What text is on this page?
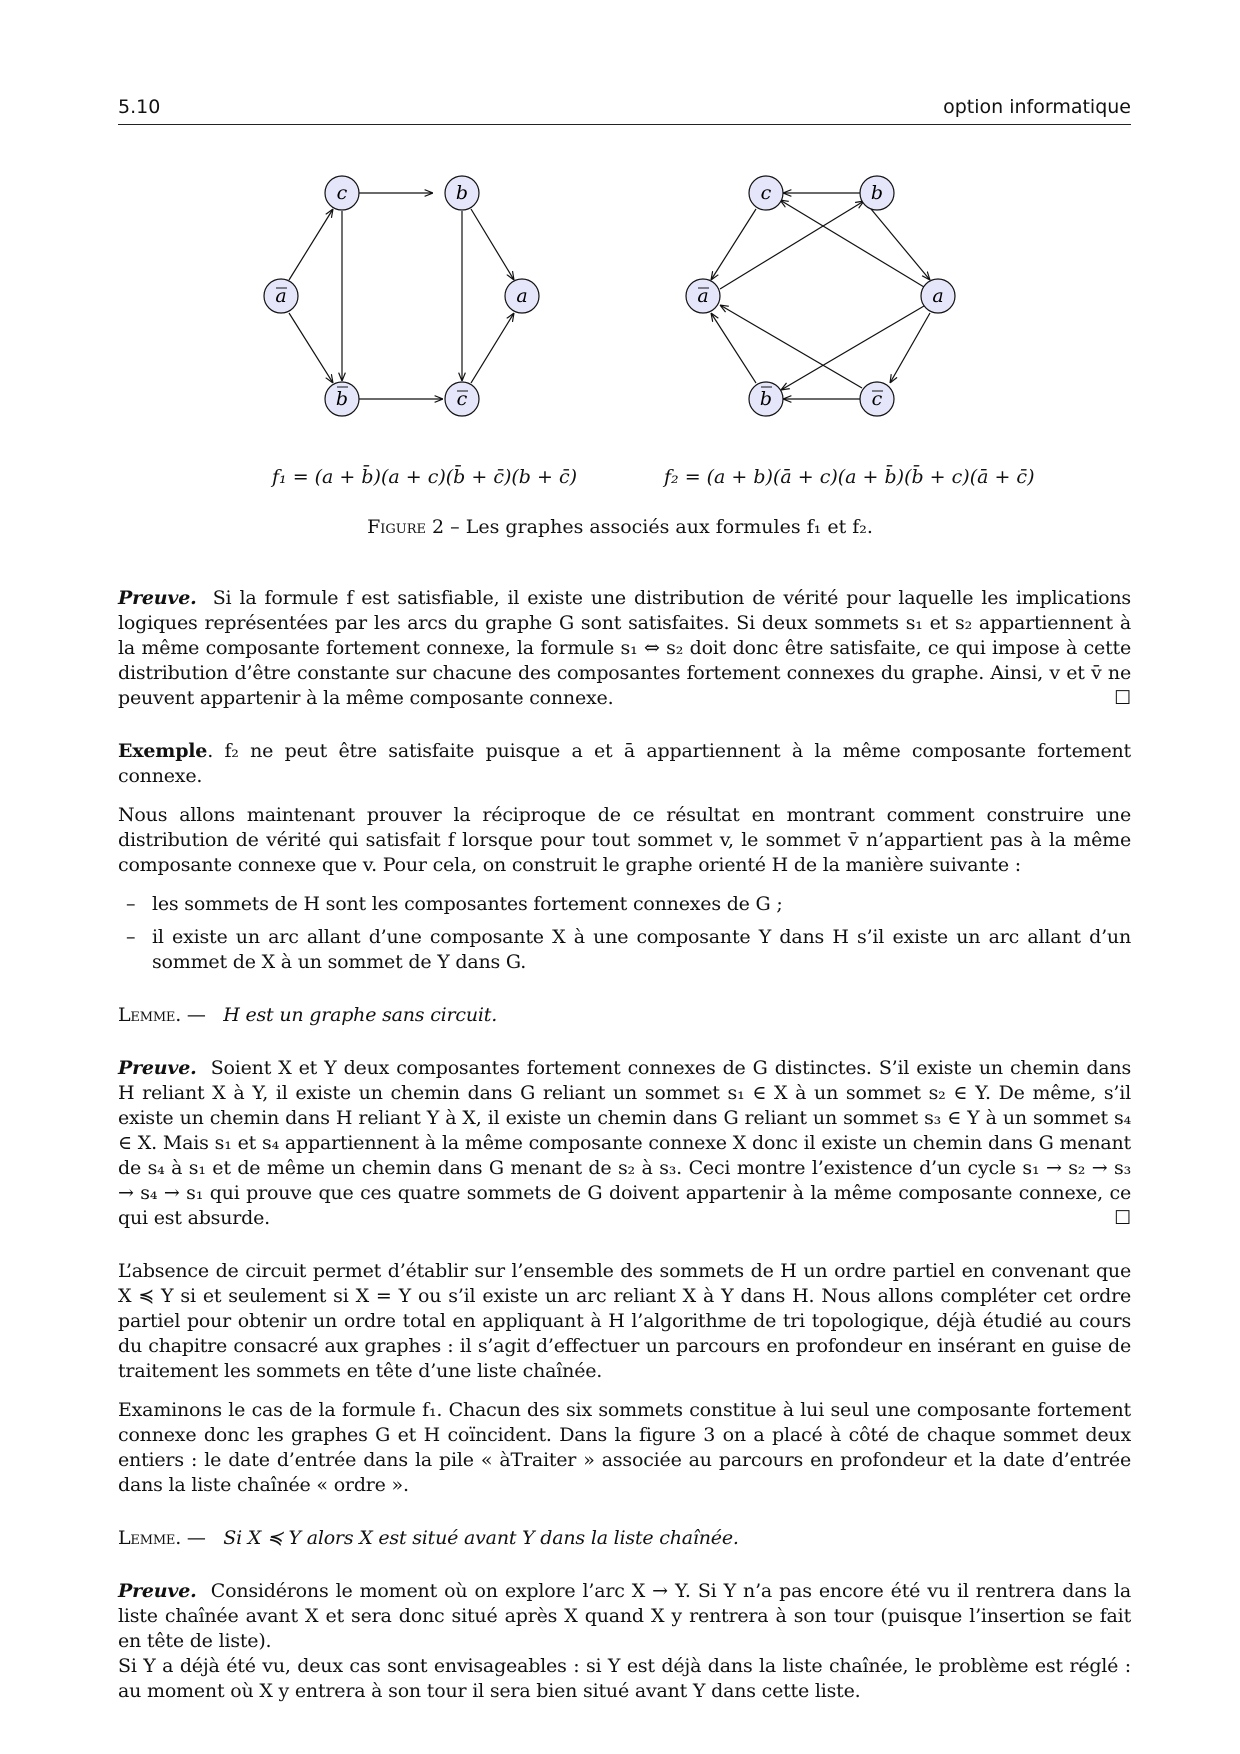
5.10	option informatique
c	b
a	a
b	c
c	b
a	a
b	c
f₁ = (a + b̄)(a + c)(b̄ + c̄)(b + c̄)	f₂ = (a + b)(ā + c)(a + b̄)(b̄ + c)(ā + c̄)
Figure 2 – Les graphes associés aux formules f₁ et f₂.

Preuve. Si la formule f est satisfiable, il existe une distribution de vérité pour laquelle les implications logiques représentées par les arcs du graphe G sont satisfaites. Si deux sommets s₁ et s₂ appartiennent à la même composante fortement connexe, la formule s₁ ⇔ s₂ doit donc être satisfaite, ce qui impose à cette distribution d’être constante sur chacune des composantes fortement connexes du graphe. Ainsi, v et v̄ ne peuvent appartenir à la même composante connexe.	☐

Exemple. f₂ ne peut être satisfaite puisque a et ā appartiennent à la même composante fortement connexe.

Nous allons maintenant prouver la réciproque de ce résultat en montrant comment construire une distribution de vérité qui satisfait f lorsque pour tout sommet v, le sommet v̄ n’appartient pas à la même composante connexe que v. Pour cela, on construit le graphe orienté H de la manière suivante :

– les sommets de H sont les composantes fortement connexes de G ;
– il existe un arc allant d’une composante X à une composante Y dans H s’il existe un arc allant d’un sommet de X à un sommet de Y dans G.

Lemme. — H est un graphe sans circuit.

Preuve. Soient X et Y deux composantes fortement connexes de G distinctes. S’il existe un chemin dans H reliant X à Y, il existe un chemin dans G reliant un sommet s₁ ∈ X à un sommet s₂ ∈ Y. De même, s’il existe un chemin dans H reliant Y à X, il existe un chemin dans G reliant un sommet s₃ ∈ Y à un sommet s₄ ∈ X. Mais s₁ et s₄ appartiennent à la même composante connexe X donc il existe un chemin dans G menant de s₄ à s₁ et de même un chemin dans G menant de s₂ à s₃. Ceci montre l’existence d’un cycle s₁ → s₂ → s₃ → s₄ → s₁ qui prouve que ces quatre sommets de G doivent appartenir à la même composante connexe, ce qui est absurde.	☐

L’absence de circuit permet d’établir sur l’ensemble des sommets de H un ordre partiel en convenant que X ≼ Y si et seulement si X = Y ou s’il existe un arc reliant X à Y dans H. Nous allons compléter cet ordre partiel pour obtenir un ordre total en appliquant à H l’algorithme de tri topologique, déjà étudié au cours du chapitre consacré aux graphes : il s’agit d’effectuer un parcours en profondeur en insérant en guise de traitement les sommets en tête d’une liste chaînée.

Examinons le cas de la formule f₁. Chacun des six sommets constitue à lui seul une composante fortement connexe donc les graphes G et H coïncident. Dans la figure 3 on a placé à côté de chaque sommet deux entiers : le date d’entrée dans la pile « àTraiter » associée au parcours en profondeur et la date d’entrée dans la liste chaînée « ordre ».

Lemme. — Si X ≼ Y alors X est situé avant Y dans la liste chaînée.

Preuve. Considérons le moment où on explore l’arc X → Y. Si Y n’a pas encore été vu il rentrera dans la liste chaînée avant X et sera donc situé après X quand X y rentrera à son tour (puisque l’insertion se fait en tête de liste).

Si Y a déjà été vu, deux cas sont envisageables : si Y est déjà dans la liste chaînée, le problème est réglé : au moment où X y entrera à son tour il sera bien situé avant Y dans cette liste.
